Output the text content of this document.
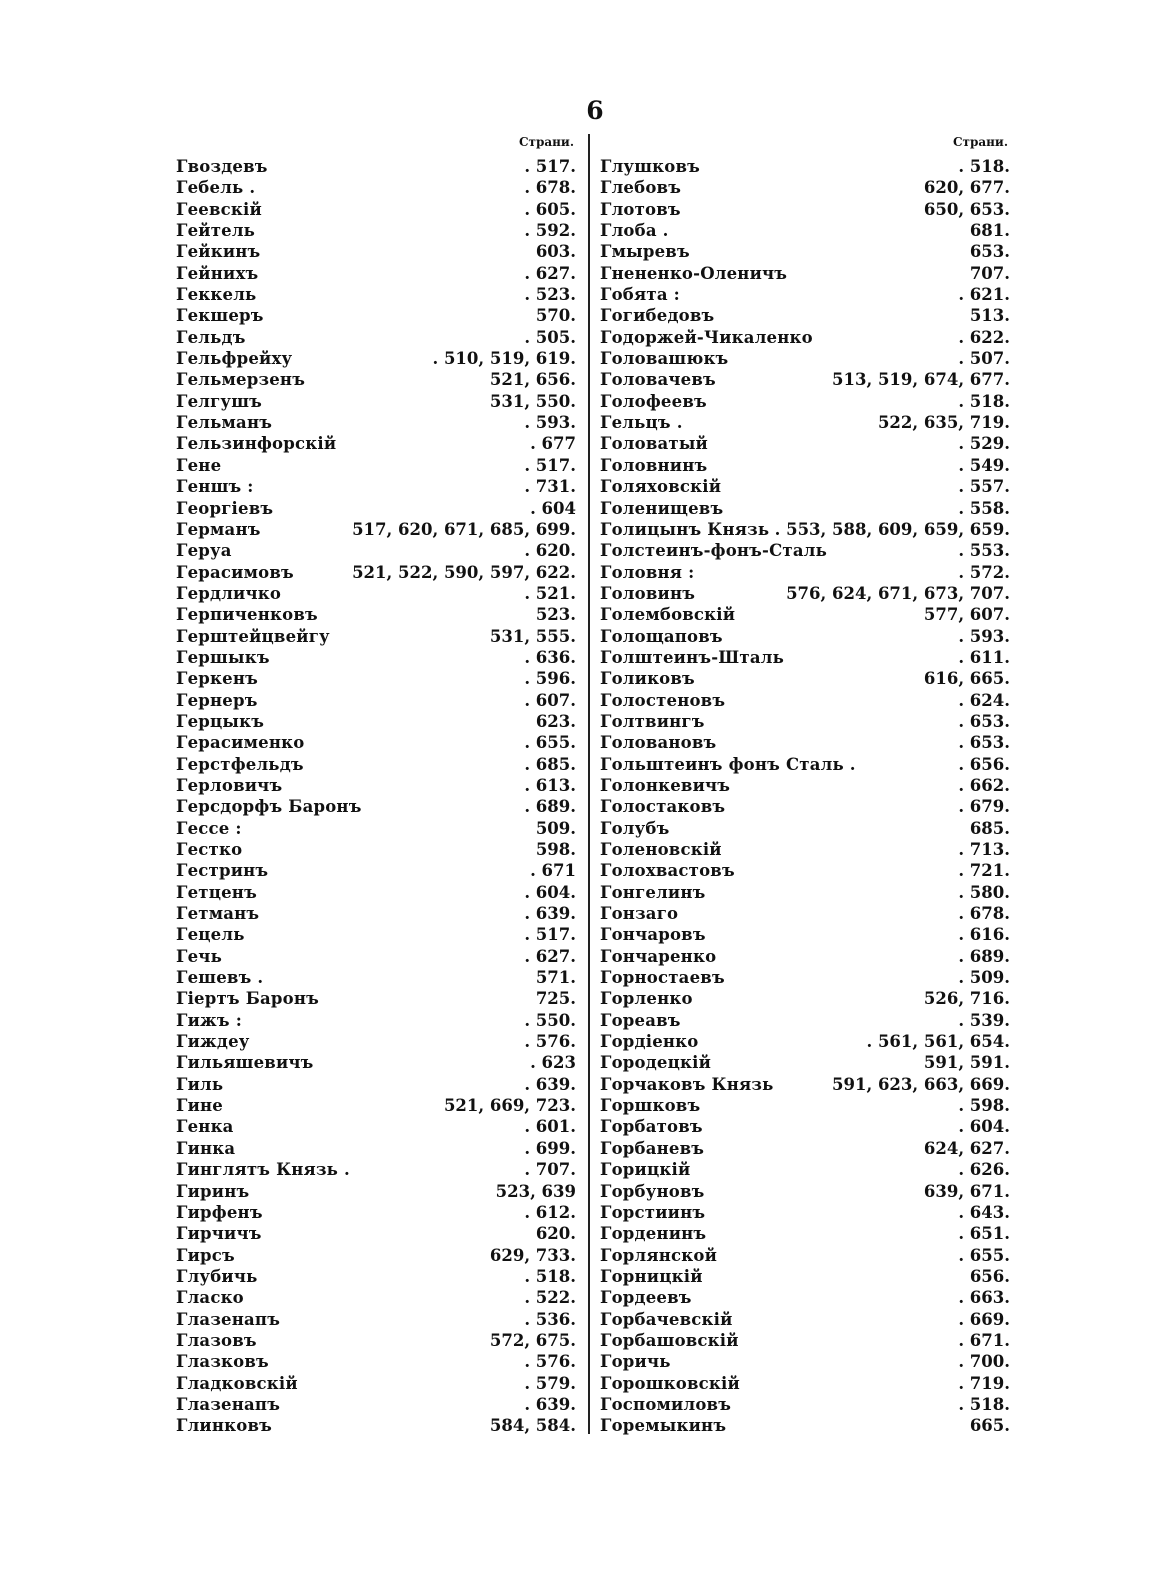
6
Страни.
Гвоздевъ	. 517.
Гебель .	. 678.
Геевскій	. 605.
Гейтель	. 592.
Гейкинъ	603.
Гейнихъ	. 627.
Геккель	. 523.
Гекшеръ	570.
Гельдъ	. 505.
Гельфрейху	. 510, 519, 619.
Гельмерзенъ	521, 656.
Гелгушъ	531, 550.
Гельманъ	. 593.
Гельзинфорскій	. 677
Гене	. 517.
Геншъ :	. 731.
Георгіевъ	. 604
Германъ	517, 620, 671, 685, 699.
Геруа	. 620.
Герасимовъ	521, 522, 590, 597, 622.
Гердличко	. 521.
Герпиченковъ	523.
Герштейцвейгу	531, 555.
Гершыкъ	. 636.
Геркенъ	. 596.
Гернеръ	. 607.
Герцыкъ	623.
Герасименко	. 655.
Герстфельдъ	. 685.
Герловичъ	. 613.
Герсдорфъ Баронъ	. 689.
Гессе :	509.
Гестко	598.
Гестринъ	. 671
Гетценъ	. 604.
Гетманъ	. 639.
Гецель	. 517.
Гечь	. 627.
Гешевъ .	571.
Гіертъ Баронъ	725.
Гижъ :	. 550.
Гиждеу	. 576.
Гильяшевичъ	. 623
Гиль	. 639.
Гине	521, 669, 723.
Генка	. 601.
Гинка	. 699.
Гинглятъ Князь .	. 707.
Гиринъ	523, 639
Гирфенъ	. 612.
Гирчичъ	620.
Гирсъ	629, 733.
Глубичь	. 518.
Гласко	. 522.
Глазенапъ	. 536.
Глазовъ	572, 675.
Глазковъ	. 576.
Гладковскій	. 579.
Глазенапъ	. 639.
Глинковъ	584, 584.
Страни.
Глушковъ	. 518.
Глебовъ	620, 677.
Глотовъ	650, 653.
Глоба .	681.
Гмыревъ	653.
Гнененко-Оленичъ	707.
Гобята :	. 621.
Гогибедовъ	513.
Годоржей-Чикаленко	. 622.
Головашюкъ	. 507.
Головачевъ	513, 519, 674, 677.
Голофеевъ	. 518.
Гельцъ .	522, 635, 719.
Головатый	. 529.
Головнинъ	. 549.
Голяховскій	. 557.
Голенищевъ	. 558.
Голицынъ Князь . 553, 588, 609, 659, 659.
Голстеинъ-фонъ-Сталь	. 553.
Головня :	. 572.
Головинъ	576, 624, 671, 673, 707.
Голембовскій	577, 607.
Голощаповъ	. 593.
Голштеинъ-Шталь	. 611.
Голиковъ	616, 665.
Голостеновъ	. 624.
Голтвингъ	. 653.
Головановъ	. 653.
Гольштеинъ фонъ Сталь .	. 656.
Голонкевичъ	. 662.
Голостаковъ	. 679.
Голубъ	685.
Голеновскій	. 713.
Голохвастовъ	. 721.
Гонгелинъ	. 580.
Гонзаго	. 678.
Гончаровъ	. 616.
Гончаренко	. 689.
Горностаевъ	. 509.
Горленко	526, 716.
Гореавъ	. 539.
Гордіенко	. 561, 561, 654.
Городецкій	591, 591.
Горчаковъ Князь	591, 623, 663, 669.
Горшковъ	. 598.
Горбатовъ	. 604.
Горбаневъ	624, 627.
Горицкій	. 626.
Горбуновъ	639, 671.
Горстиинъ	. 643.
Горденинъ	. 651.
Горлянской	. 655.
Горницкій	656.
Гордеевъ	. 663.
Горбачевскій	. 669.
Горбашовскій	. 671.
Горичь	. 700.
Горошковскій	. 719.
Госпомиловъ	. 518.
Горемыкинъ	665.
